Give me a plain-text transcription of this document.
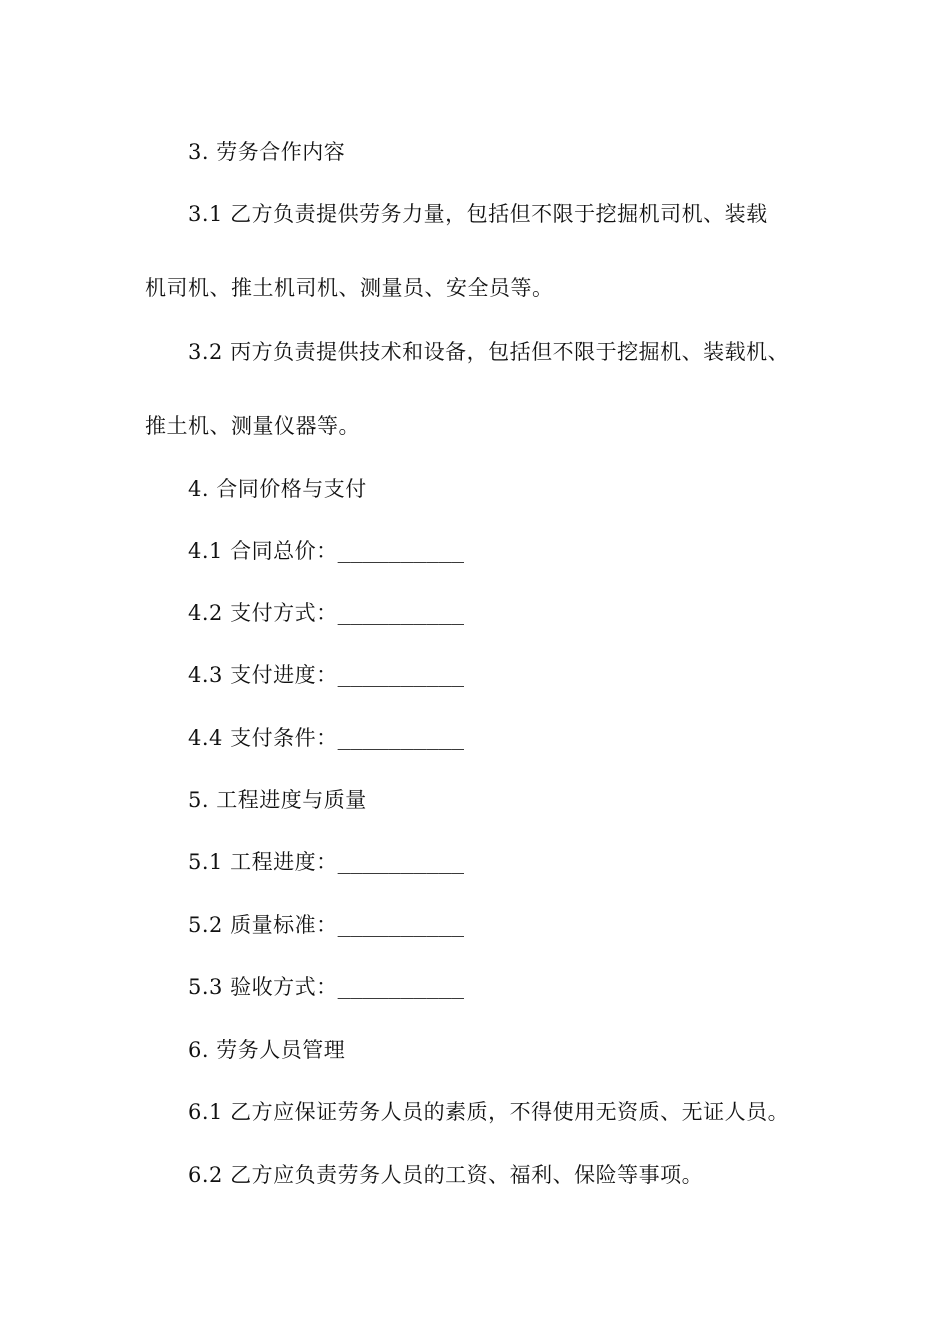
3. 劳务合作内容
3.1 乙方负责提供劳务力量，包括但不限于挖掘机司机、装载
机司机、推土机司机、测量员、安全员等。
3.2 丙方负责提供技术和设备，包括但不限于挖掘机、装载机、
推土机、测量仪器等。
4. 合同价格与支付
4.1 合同总价：__________
4.2 支付方式：__________
4.3 支付进度：__________
4.4 支付条件：__________
5. 工程进度与质量
5.1 工程进度：__________
5.2 质量标准：__________
5.3 验收方式：__________
6. 劳务人员管理
6.1 乙方应保证劳务人员的素质，不得使用无资质、无证人员。
6.2 乙方应负责劳务人员的工资、福利、保险等事项。
